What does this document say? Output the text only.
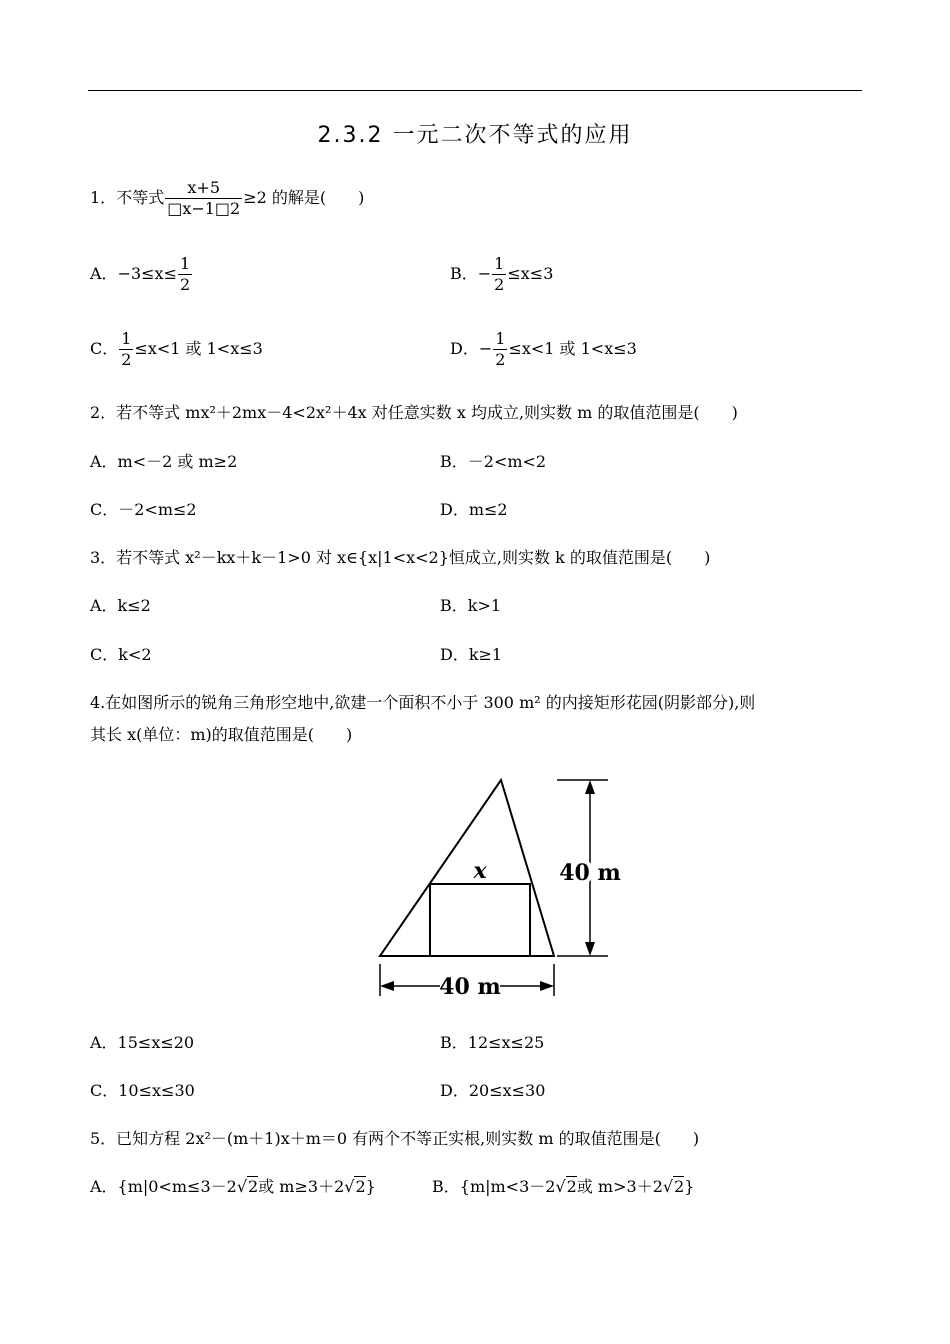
2.3.2 一元二次不等式的应用
1．不等式 $\frac{x+5}{□x-1□2} \ge 2$ 的解是(　　)
A．$-3\le x\le \frac{1}{2}$	B．− $\frac{1}{2} \le x\le 3$
C． $\frac{1}{2} \le x<1$ 或 1<x≤3	D．− $\frac{1}{2} \le x<1$ 或 1<x≤3
2．若不等式 mx²＋2mx－4<2x²＋4x 对任意实数 x 均成立,则实数 m 的取值范围是(　　)
A．m<－2 或 m≥2	B．－2<m<2
C．－2<m≤2	D．m≤2
3．若不等式 x²－kx＋k－1>0 对 x∈{x|1<x<2}恒成立,则实数 k 的取值范围是(　　)
A．k≤2	B．k>1
C．k<2	D．k≥1
4.在如图所示的锐角三角形空地中,欲建一个面积不小于 300 m² 的内接矩形花园(阴影部分),则
其长 x(单位：m)的取值范围是(　　)
x	40 m
40 m
A．15≤x≤20	B．12≤x≤25
C．10≤x≤30	D．20≤x≤30
5．已知方程 2x²－(m＋1)x＋m＝0 有两个不等正实根,则实数 m 的取值范围是(　　)
A．{m|0<m≤3－2√2或 m≥3＋2√2}	B．{m|m<3－2√2或 m>3＋2√2}
